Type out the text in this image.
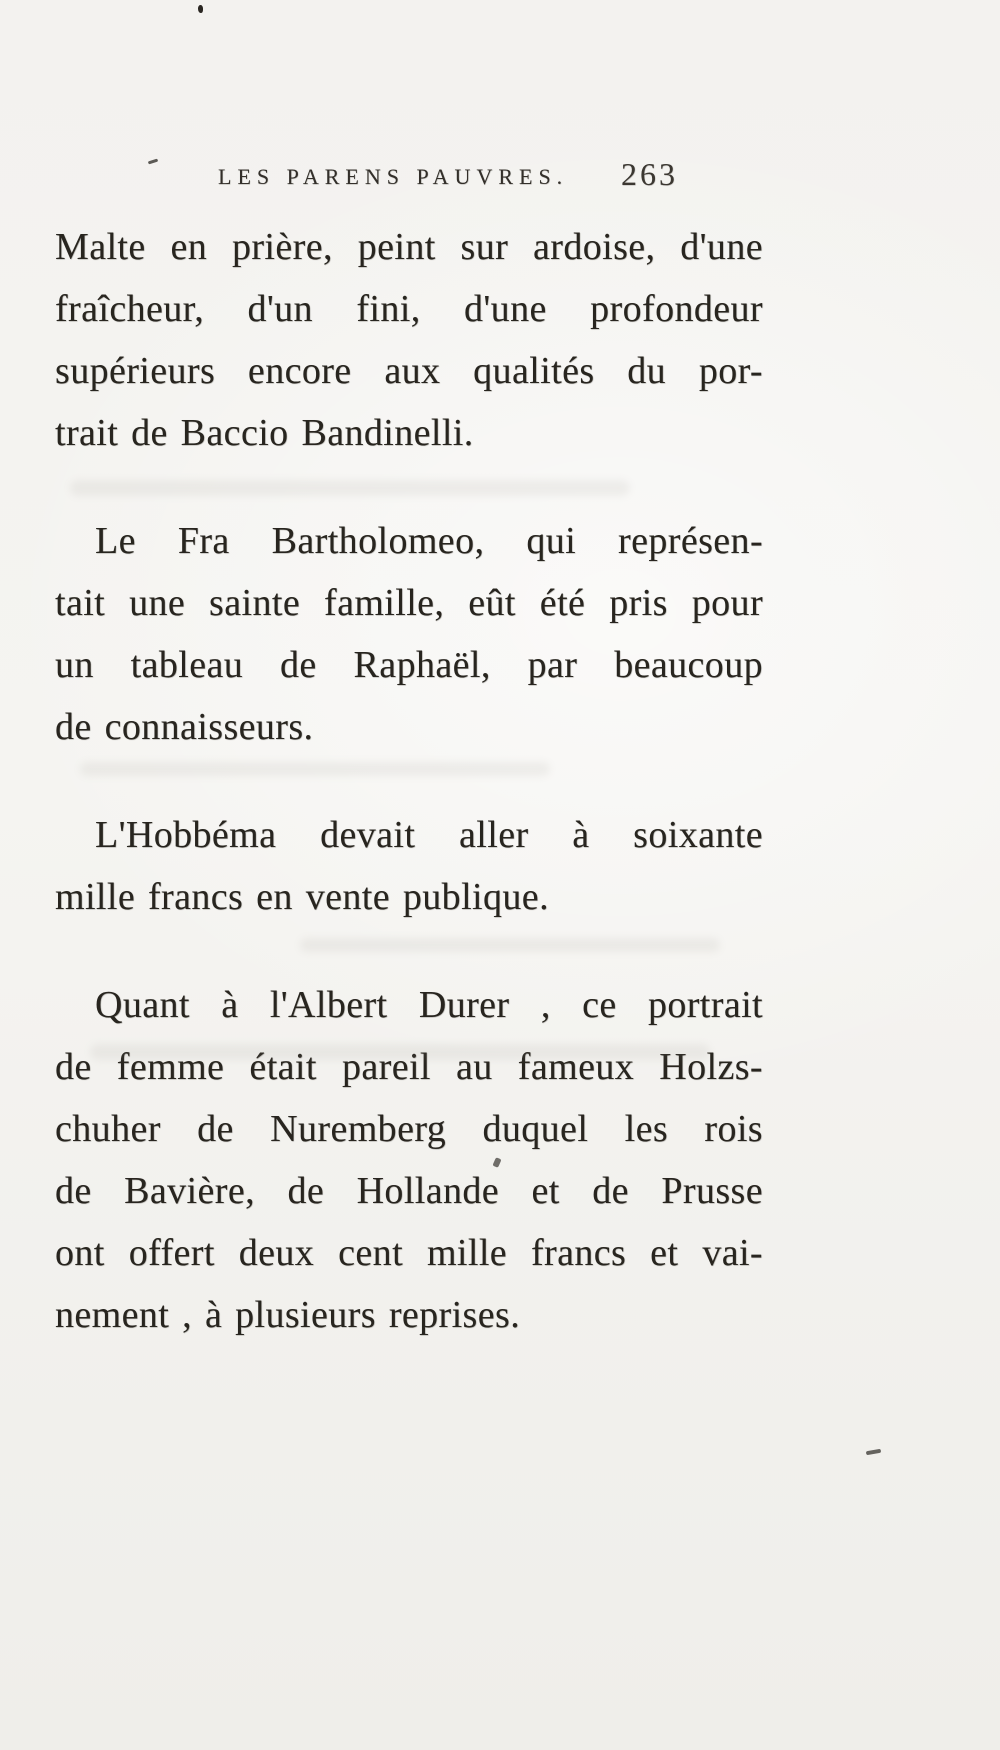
LES PARENS PAUVRES. 263
Malte en prière, peint sur ardoise, d'une
fraîcheur, d'un fini, d'une profondeur
supérieurs encore aux qualités du por-
trait de Baccio Bandinelli.
Le Fra Bartholomeo, qui représen-
tait une sainte famille, eût été pris pour
un tableau de Raphaël, par beaucoup
de connaisseurs.
L'Hobbéma devait aller à soixante
mille francs en vente publique.
Quant à l'Albert Durer , ce portrait
de femme était pareil au fameux Holzs-
chuher de Nuremberg duquel les rois
de Bavière, de Hollande et de Prusse
ont offert deux cent mille francs et vai-
nement , à plusieurs reprises.
